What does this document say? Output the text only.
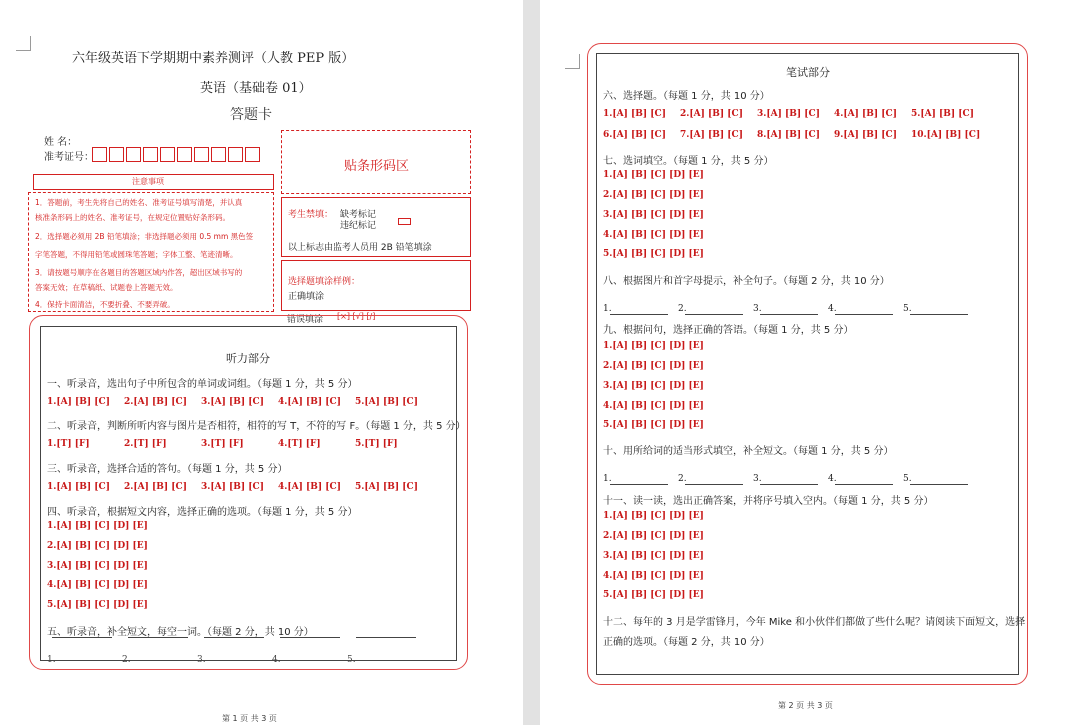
六年级英语下学期期中素养测评（人教 PEP 版）
英语（基础卷 01）
答题卡
姓 名：
准考证号：
贴条形码区
注意事项
1．答题前，考生先将自己的姓名、准考证号填写清楚，并认真
核准条形码上的姓名、准考证号，在规定位置贴好条形码。
2．选择题必须用 2B 铅笔填涂；非选择题必须用 0.5 mm 黑色签
字笔答题，不得用铅笔或圆珠笔答题；字体工整、笔迹清晰。
3．请按题号顺序在各题目的答题区域内作答，超出区域书写的
答案无效；在草稿纸、试题卷上答题无效。
4．保持卡面清洁，不要折叠、不要弄破。
考生禁填： 缺考标记
违纪标记
以上标志由监考人员用 2B 铅笔填涂
选择题填涂样例：
正确填涂
错误填涂 [×] [√] [/]
听力部分
一、听录音，选出句子中所包含的单词或词组。（每题 1 分，共 5 分）
1.[A] [B] [C] 2.[A] [B] [C] 3.[A] [B] [C] 4.[A] [B] [C] 5.[A] [B] [C]
二、听录音，判断所听内容与图片是否相符，相符的写 T，不符的写 F。（每题 1 分，共 5 分）
1.[T] [F]	2.[T] [F]	3.[T] [F]	4.[T] [F]	5.[T] [F]
三、听录音，选择合适的答句。（每题 1 分，共 5 分）
1.[A] [B] [C] 2.[A] [B] [C] 3.[A] [B] [C] 4.[A] [B] [C] 5.[A] [B] [C]
四、听录音，根据短文内容，选择正确的选项。（每题 1 分，共 5 分）
1.[A] [B] [C] [D] [E]
2.[A] [B] [C] [D] [E]
3.[A] [B] [C] [D] [E]
4.[A] [B] [C] [D] [E]
5.[A] [B] [C] [D] [E]
五、听录音，补全短文，每空一词。（每题 2 分，共 10 分）
1.	2.	3.	4.	5.
第 1 页 共 3 页
笔试部分
六、选择题。（每题 1 分，共 10 分）
1.[A] [B] [C] 2.[A] [B] [C] 3.[A] [B] [C] 4.[A] [B] [C] 5.[A] [B] [C]
6.[A] [B] [C] 7.[A] [B] [C] 8.[A] [B] [C] 9.[A] [B] [C] 10.[A] [B] [C]
七、选词填空。（每题 1 分，共 5 分）
1.[A] [B] [C] [D] [E]
2.[A] [B] [C] [D] [E]
3.[A] [B] [C] [D] [E]
4.[A] [B] [C] [D] [E]
5.[A] [B] [C] [D] [E]
八、根据图片和首字母提示，补全句子。（每题 2 分，共 10 分）
1.	2.	3.	4.	5.
九、根据问句，选择正确的答语。（每题 1 分，共 5 分）
1.[A] [B] [C] [D] [E]
2.[A] [B] [C] [D] [E]
3.[A] [B] [C] [D] [E]
4.[A] [B] [C] [D] [E]
5.[A] [B] [C] [D] [E]
十、用所给词的适当形式填空，补全短文。（每题 1 分，共 5 分）
1.	2.	3.	4.	5.
十一、读一读，选出正确答案，并将序号填入空内。（每题 1 分，共 5 分）
1.[A] [B] [C] [D] [E]
2.[A] [B] [C] [D] [E]
3.[A] [B] [C] [D] [E]
4.[A] [B] [C] [D] [E]
5.[A] [B] [C] [D] [E]
十二、每年的 3 月是学雷锋月，今年 Mike 和小伙伴们都做了些什么呢？请阅读下面短文，选择
正确的选项。（每题 2 分，共 10 分）
第 2 页 共 3 页
